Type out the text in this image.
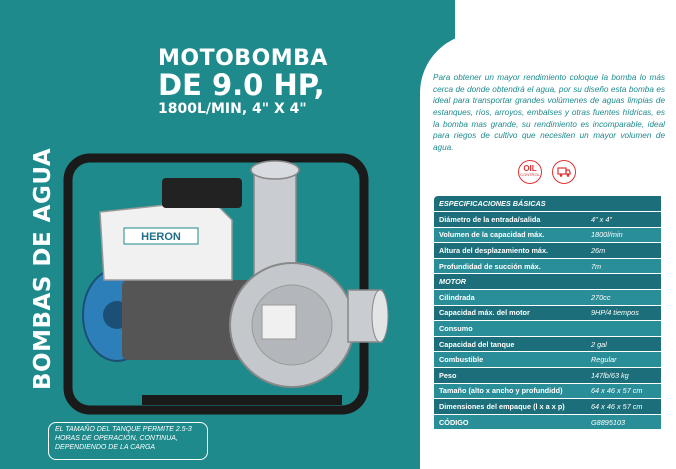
MOTOBOMBA
DE 9.0 HP,
1800L/MIN, 4" X 4"
BOMBAS DE AGUA	HERON
EL TAMAÑO DEL TANQUE PERMITE 2.5-3 HORAS DE OPERACIÓN, CONTINUA, DEPENDIENDO DE LA CARGA
Para obtener un mayor rendimiento coloque la bomba lo más cerca de donde obtendrá el agua, por su diseño esta bomba es ideal para transportar grandes volúmenes de aguas limpias de estanques, ríos, arroyos, embalses y otras fuentes hídricas, es la bomba mas grande, su rendimiento es incomparable, ideal para riegos de cultivo que necesiten un mayor volumen de agua.
OIL
CONTROL
ESPECIFICACIONES BÁSICAS	
Diámetro de la entrada/salida	4" x 4"
Volumen de la capacidad máx.	1800l/min
Altura del desplazamiento máx.	26m
Profundidad de succión máx.	7m
MOTOR	
Cilindrada	270cc
Capacidad máx. del motor	9HP/4 tiempos
Consumo	
Capacidad del tanque	2 gal
Combustible	Regular
Peso	147lb/63 kg
Tamaño (alto x ancho y profundidd)	64 x 46 x 57 cm
Dimensiones del empaque (l x a x p)	64 x 46 x 57 cm
CÓDIGO	G8895103
